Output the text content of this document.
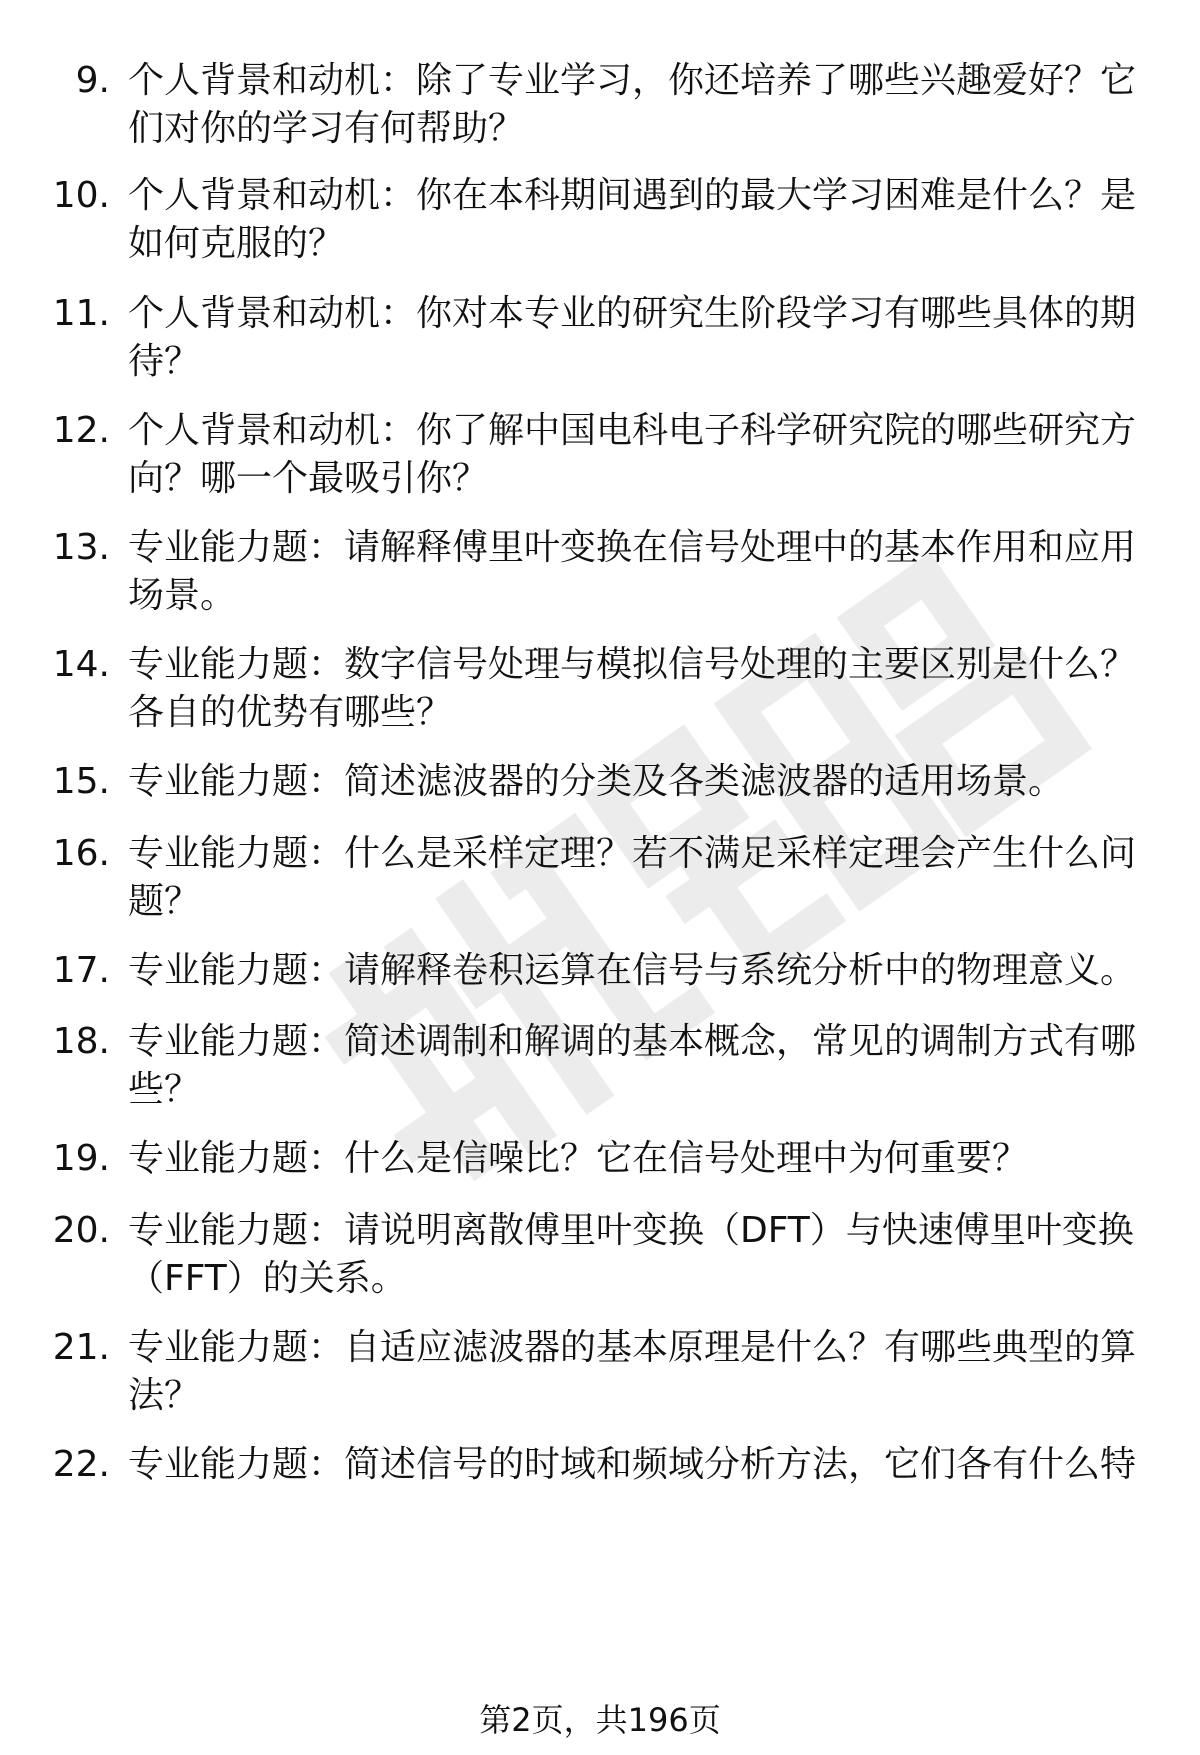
9. 个人背景和动机：除了专业学习，你还培养了哪些兴趣爱好？它们对你的学习有何帮助？
10. 个人背景和动机：你在本科期间遇到的最大学习困难是什么？是如何克服的？
11. 个人背景和动机：你对本专业的研究生阶段学习有哪些具体的期待？
12. 个人背景和动机：你了解中国电科电子科学研究院的哪些研究方向？哪一个最吸引你？
13. 专业能力题：请解释傅里叶变换在信号处理中的基本作用和应用场景。
14. 专业能力题：数字信号处理与模拟信号处理的主要区别是什么？各自的优势有哪些？
15. 专业能力题：简述滤波器的分类及各类滤波器的适用场景。
16. 专业能力题：什么是采样定理？若不满足采样定理会产生什么问题？
17. 专业能力题：请解释卷积运算在信号与系统分析中的物理意义。
18. 专业能力题：简述调制和解调的基本概念，常见的调制方式有哪些？
19. 专业能力题：什么是信噪比？它在信号处理中为何重要？
20. 专业能力题：请说明离散傅里叶变换（DFT）与快速傅里叶变换（FFT）的关系。
21. 专业能力题：自适应滤波器的基本原理是什么？有哪些典型的算法？
22. 专业能力题：简述信号的时域和频域分析方法，它们各有什么特
第2页，共196页
